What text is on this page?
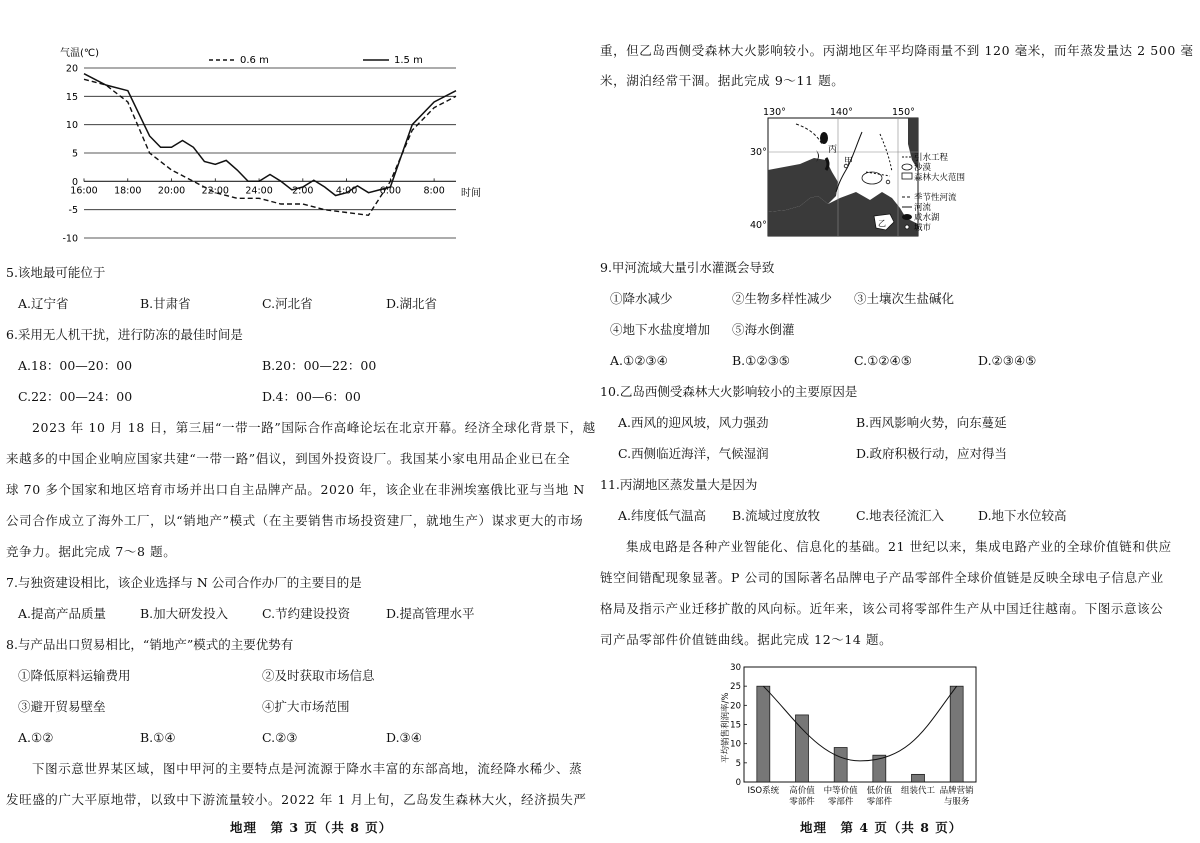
20
15
10
5
0
-5
-10
16:00 18:00 20:00 22:00 24:00 2:00 4:00 6:00 8:00
气温(℃)
时间
0.6 m	1.5 m
5.该地最可能位于
A.辽宁省	B.甘肃省	C.河北省	D.湖北省
6.采用无人机干扰，进行防冻的最佳时间是
A.18：00—20：00	B.20：00—22：00
C.22：00—24：00	D.4：00—6：00
2023 年 10 月 18 日，第三届“一带一路”国际合作高峰论坛在北京开幕。经济全球化背景下，越
来越多的中国企业响应国家共建“一带一路”倡议，到国外投资设厂。我国某小家电用品企业已在全
球 70 多个国家和地区培育市场并出口自主品牌产品。2020 年，该企业在非洲埃塞俄比亚与当地 N
公司合作成立了海外工厂，以“销地产”模式（在主要销售市场投资建厂，就地生产）谋求更大的市场
竞争力。据此完成 7～8 题。
7.与独资建设相比，该企业选择与 N 公司合作办厂的主要目的是
A.提高产品质量	B.加大研发投入	C.节约建设投资	D.提高管理水平
8.与产品出口贸易相比，“销地产”模式的主要优势有
①降低原料运输费用	②及时获取市场信息
③避开贸易壁垒	④扩大市场范围
A.①②	B.①④	C.②③	D.③④
下图示意世界某区域，图中甲河的主要特点是河流源于降水丰富的东部高地，流经降水稀少、蒸
发旺盛的广大平原地带，以致中下游流量较小。2022 年 1 月上旬，乙岛发生森林大火，经济损失严
地理　第 3 页（共 8 页）
重，但乙岛西侧受森林大火影响较小。丙湖地区年平均降雨量不到 120 毫米，而年蒸发量达 2 500 毫
米，湖泊经常干涸。据此完成 9～11 题。
130°	140°	150°
30°
40°
甲
乙
丙
引水工程
沙漠
森林大火范围
季节性河流
河流
咸水湖
城市
9.甲河流域大量引水灌溉会导致
①降水减少	②生物多样性减少 ③土壤次生盐碱化
④地下水盐度增加 ⑤海水倒灌
A.①②③④	B.①②③⑤	C.①②④⑤	D.②③④⑤
10.乙岛西侧受森林大火影响较小的主要原因是
A.西风的迎风坡，风力强劲	B.西风影响火势，向东蔓延
C.西侧临近海洋，气候湿润	D.政府积极行动，应对得当
11.丙湖地区蒸发量大是因为
A.纬度低气温高 B.流域过度放牧	C.地表径流汇入	D.地下水位较高
集成电路是各种产业智能化、信息化的基础。21 世纪以来，集成电路产业的全球价值链和供应
链空间错配现象显著。P 公司的国际著名品牌电子产品零部件全球价值链是反映全球电子信息产业
格局及指示产业迁移扩散的风向标。近年来，该公司将零部件生产从中国迁往越南。下图示意该公
司产品零部件价值链曲线。据此完成 12～14 题。
30
25
20
15
10
5
0
ISO系统 高价值
零部件
中等价值
零部件
低价值
零部件
组装代工 品牌营销
与服务
平均销售利润率/%
地理　第 4 页（共 8 页）
